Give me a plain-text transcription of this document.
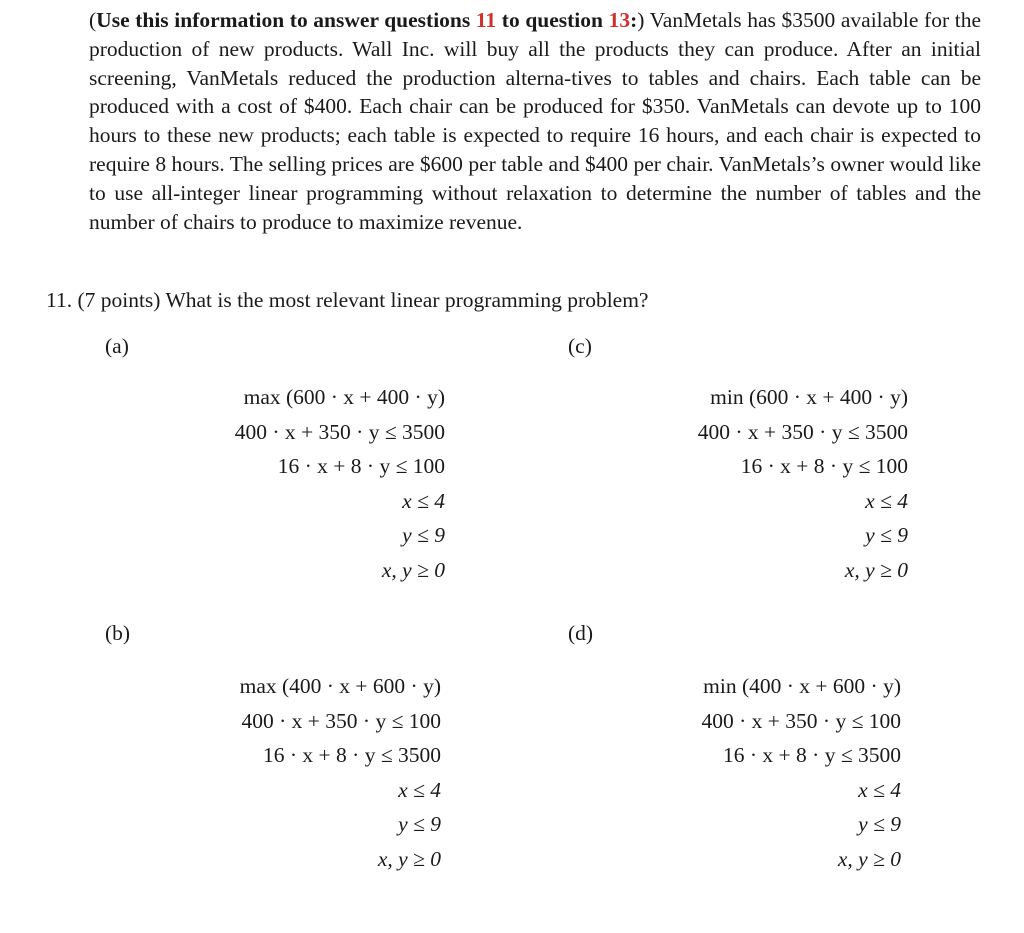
(Use this information to answer questions 11 to question 13:) VanMetals has $3500 available for the production of new products. Wall Inc. will buy all the products they can produce. After an initial screening, VanMetals reduced the production alterna-tives to tables and chairs. Each table can be produced with a cost of $400. Each chair can be produced for $350. VanMetals can devote up to 100 hours to these new products; each table is expected to require 16 hours, and each chair is expected to require 8 hours. The selling prices are $600 per table and $400 per chair. VanMetals’s owner would like to use all-integer linear programming without relaxation to determine the number of tables and the number of chairs to produce to maximize revenue.
11. (7 points) What is the most relevant linear programming problem?
(a)	(c)
(b)	(d)
max (600 · x + 400 · y)
400 · x + 350 · y ≤ 3500
16 · x + 8 · y ≤ 100
x ≤ 4
y ≤ 9
x, y ≥ 0
min (600 · x + 400 · y)
400 · x + 350 · y ≤ 3500
16 · x + 8 · y ≤ 100
x ≤ 4
y ≤ 9
x, y ≥ 0
max (400 · x + 600 · y)
400 · x + 350 · y ≤ 100
16 · x + 8 · y ≤ 3500
x ≤ 4
y ≤ 9
x, y ≥ 0
min (400 · x + 600 · y)
400 · x + 350 · y ≤ 100
16 · x + 8 · y ≤ 3500
x ≤ 4
y ≤ 9
x, y ≥ 0
